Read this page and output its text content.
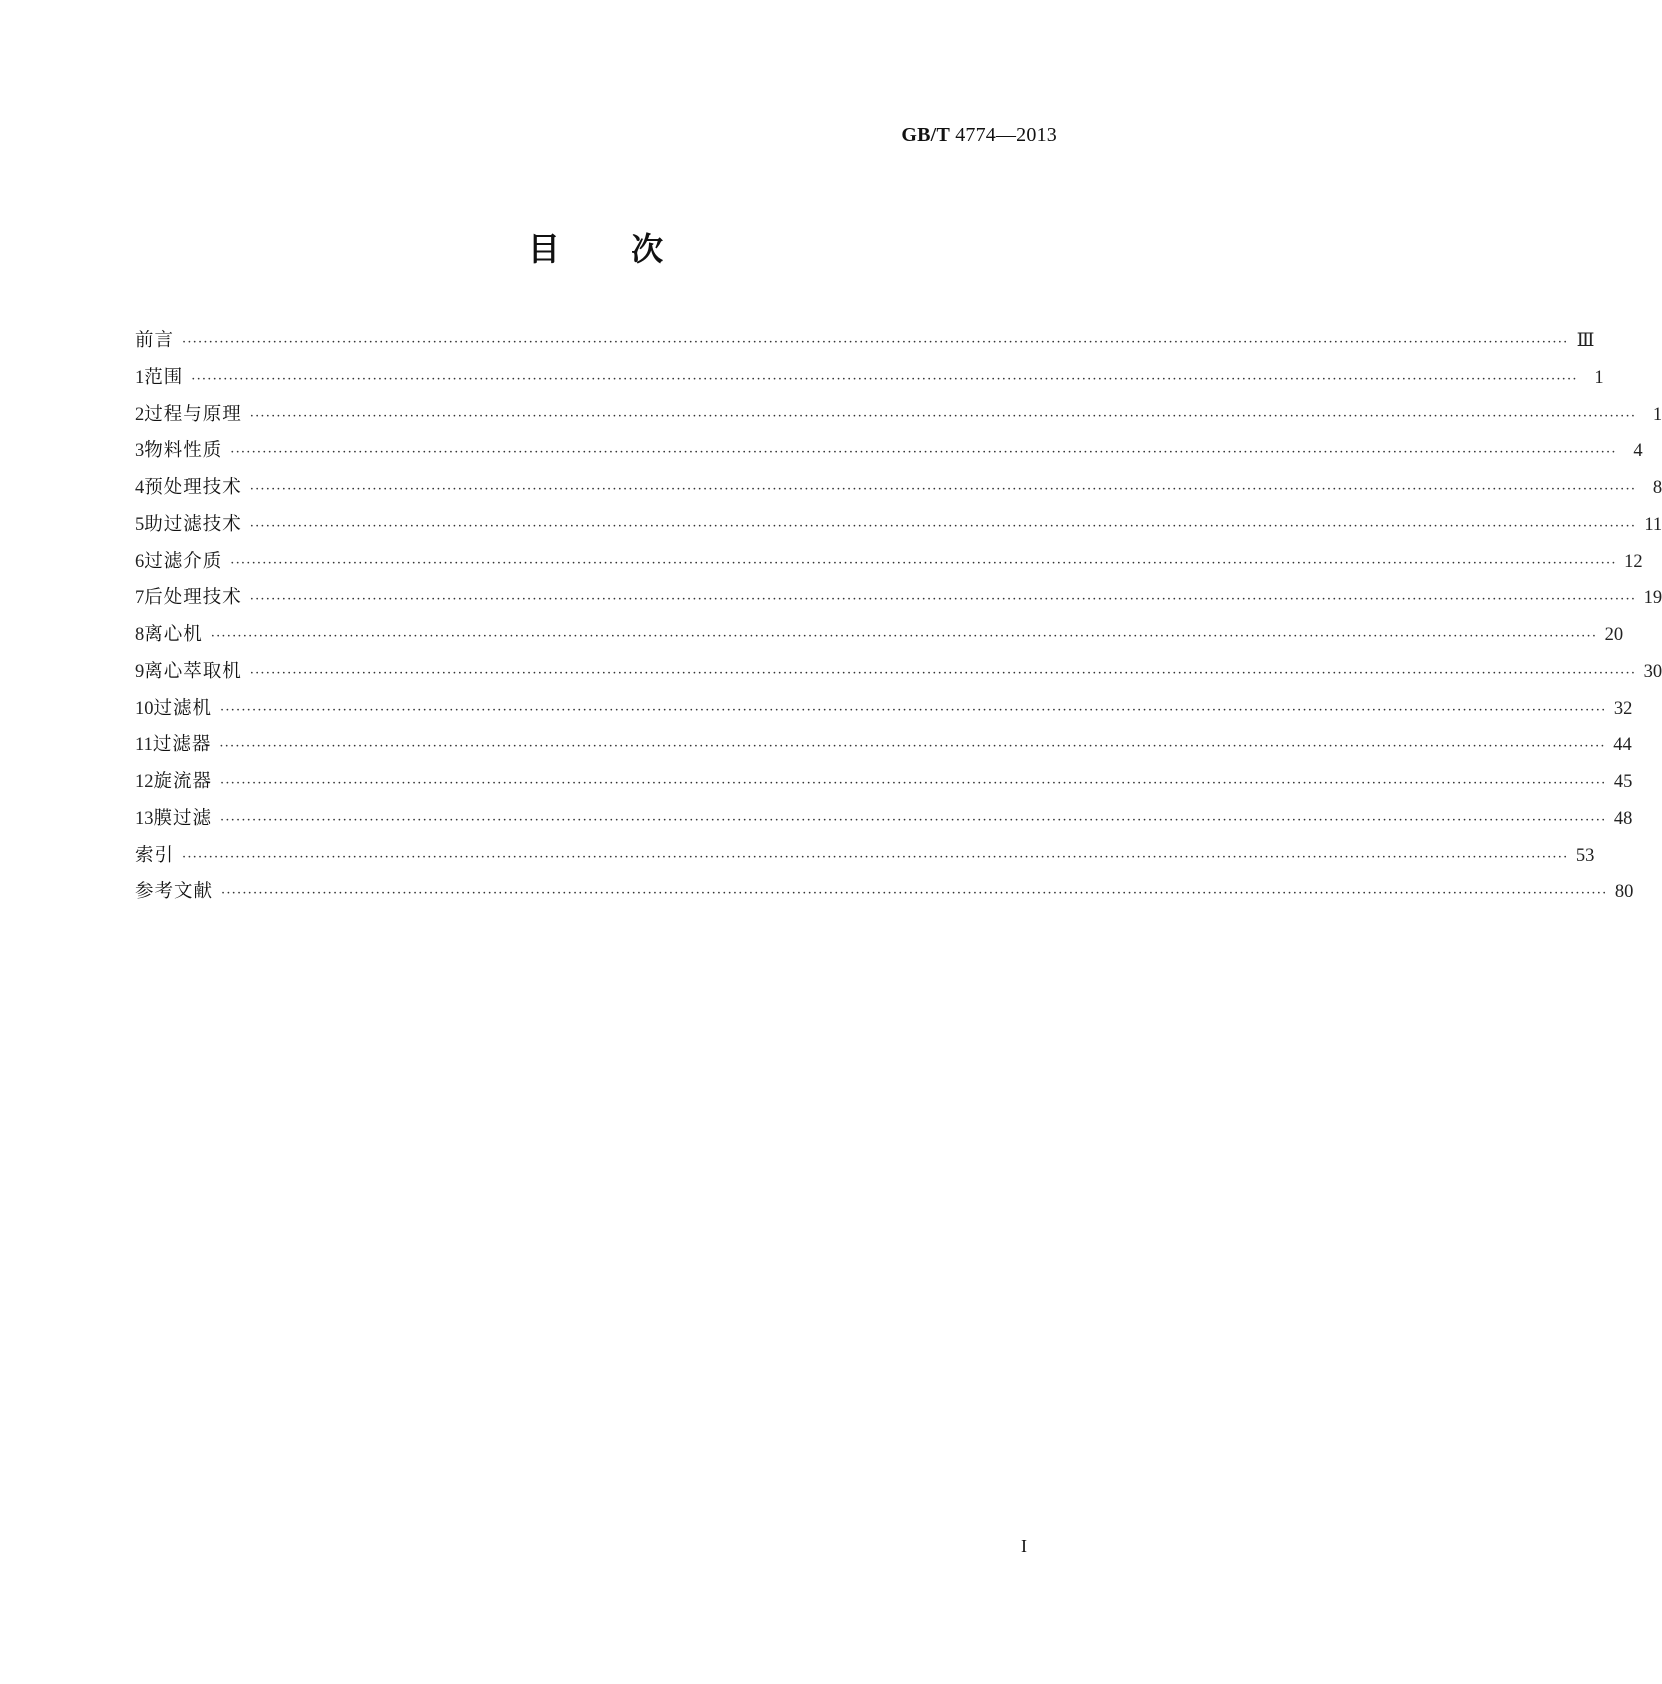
GB/T 4774—2013
目 次
前言 ···································································································································································································································································· Ⅲ
1 范围 ···································································································································································································································································· 1
2 过程与原理 ···································································································································································································································································· 1
3 物料性质 ···································································································································································································································································· 4
4 预处理技术 ···································································································································································································································································· 8
5 助过滤技术 ···································································································································································································································································· 11
6 过滤介质 ···································································································································································································································································· 12
7 后处理技术 ···································································································································································································································································· 19
8 离心机 ···································································································································································································································································· 20
9 离心萃取机 ···································································································································································································································································· 30
10 过滤机 ···································································································································································································································································· 32
11 过滤器 ···································································································································································································································································· 44
12 旋流器 ···································································································································································································································································· 45
13 膜过滤 ···································································································································································································································································· 48
索引 ···································································································································································································································································· 53
参考文献 ···································································································································································································································································· 80
I
